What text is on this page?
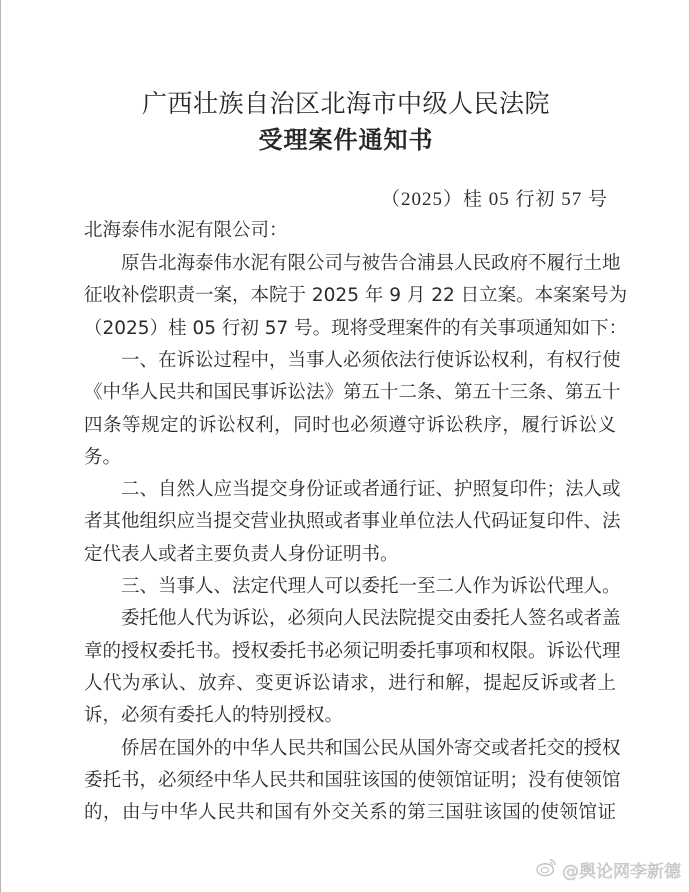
广西壮族自治区北海市中级人民法院
受理案件通知书
（2025）桂 05 行初 57 号
北海泰伟水泥有限公司：
原告北海泰伟水泥有限公司与被告合浦县人民政府不履行土地
征收补偿职责一案，本院于 2025 年 9 月 22 日立案。本案案号为
（2025）桂 05 行初 57 号。现将受理案件的有关事项通知如下：
一、在诉讼过程中，当事人必须依法行使诉讼权利，有权行使
《中华人民共和国民事诉讼法》第五十二条、第五十三条、第五十
四条等规定的诉讼权利，同时也必须遵守诉讼秩序，履行诉讼义
务。
二、自然人应当提交身份证或者通行证、护照复印件；法人或
者其他组织应当提交营业执照或者事业单位法人代码证复印件、法
定代表人或者主要负责人身份证明书。
三、当事人、法定代理人可以委托一至二人作为诉讼代理人。
委托他人代为诉讼，必须向人民法院提交由委托人签名或者盖
章的授权委托书。授权委托书必须记明委托事项和权限。诉讼代理
人代为承认、放弃、变更诉讼请求，进行和解，提起反诉或者上
诉，必须有委托人的特别授权。
侨居在国外的中华人民共和国公民从国外寄交或者托交的授权
委托书，必须经中华人民共和国驻该国的使领馆证明；没有使领馆
的，由与中华人民共和国有外交关系的第三国驻该国的使领馆证
@舆论网李新德
